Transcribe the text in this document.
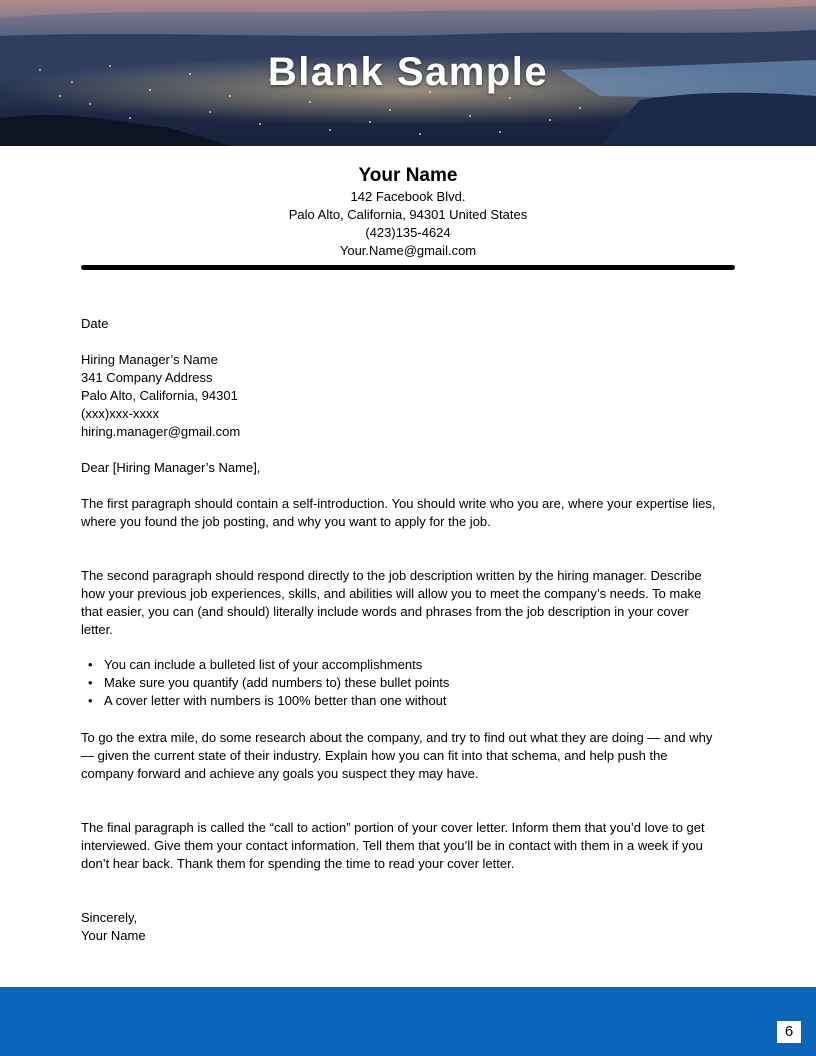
Blank Sample
Your Name
142 Facebook Blvd.
Palo Alto, California, 94301 United States
(423)135-4624
Your.Name@gmail.com
Date
Hiring Manager’s Name
341 Company Address
Palo Alto, California, 94301
(xxx)xxx-xxxx
hiring.manager@gmail.com
Dear [Hiring Manager’s Name],
The first paragraph should contain a self-introduction. You should write who you are, where your expertise lies, where you found the job posting, and why you want to apply for the job.
The second paragraph should respond directly to the job description written by the hiring manager. Describe how your previous job experiences, skills, and abilities will allow you to meet the company’s needs. To make that easier, you can (and should) literally include words and phrases from the job description in your cover letter.
• You can include a bulleted list of your accomplishments
• Make sure you quantify (add numbers to) these bullet points
• A cover letter with numbers is 100% better than one without
To go the extra mile, do some research about the company, and try to find out what they are doing — and why — given the current state of their industry. Explain how you can fit into that schema, and help push the company forward and achieve any goals you suspect they may have.
The final paragraph is called the “call to action” portion of your cover letter. Inform them that you’d love to get interviewed. Give them your contact information. Tell them that you’ll be in contact with them in a week if you don’t hear back. Thank them for spending the time to read your cover letter.
Sincerely,
Your Name
6
